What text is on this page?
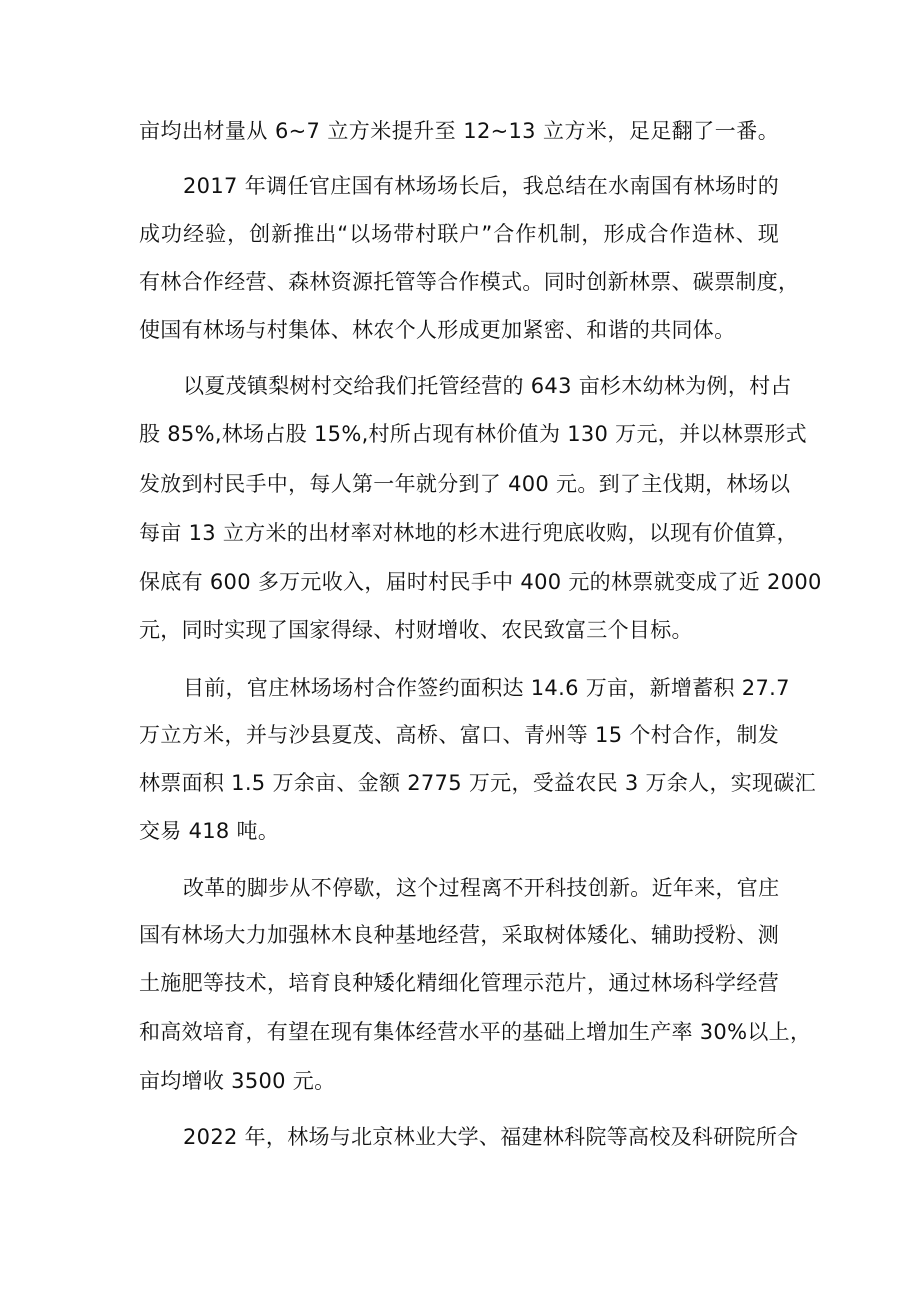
亩均出材量从 6~7 立方米提升至 12~13 立方米，足足翻了一番。
2017 年调任官庄国有林场场长后，我总结在水南国有林场时的
成功经验，创新推出“以场带村联户”合作机制，形成合作造林、现
有林合作经营、森林资源托管等合作模式。同时创新林票、碳票制度，
使国有林场与村集体、林农个人形成更加紧密、和谐的共同体。
以夏茂镇梨树村交给我们托管经营的 643 亩杉木幼林为例，村占
股 85%,林场占股 15%,村所占现有林价值为 130 万元，并以林票形式
发放到村民手中，每人第一年就分到了 400 元。到了主伐期，林场以
每亩 13 立方米的出材率对林地的杉木进行兜底收购，以现有价值算，
保底有 600 多万元收入，届时村民手中 400 元的林票就变成了近 2000
元，同时实现了国家得绿、村财增收、农民致富三个目标。
目前，官庄林场场村合作签约面积达 14.6 万亩，新增蓄积 27.7
万立方米，并与沙县夏茂、高桥、富口、青州等 15 个村合作，制发
林票面积 1.5 万余亩、金额 2775 万元，受益农民 3 万余人，实现碳汇
交易 418 吨。
改革的脚步从不停歇，这个过程离不开科技创新。近年来，官庄
国有林场大力加强林木良种基地经营，采取树体矮化、辅助授粉、测
土施肥等技术，培育良种矮化精细化管理示范片，通过林场科学经营
和高效培育，有望在现有集体经营水平的基础上增加生产率 30%以上，
亩均增收 3500 元。
2022 年，林场与北京林业大学、福建林科院等高校及科研院所合
